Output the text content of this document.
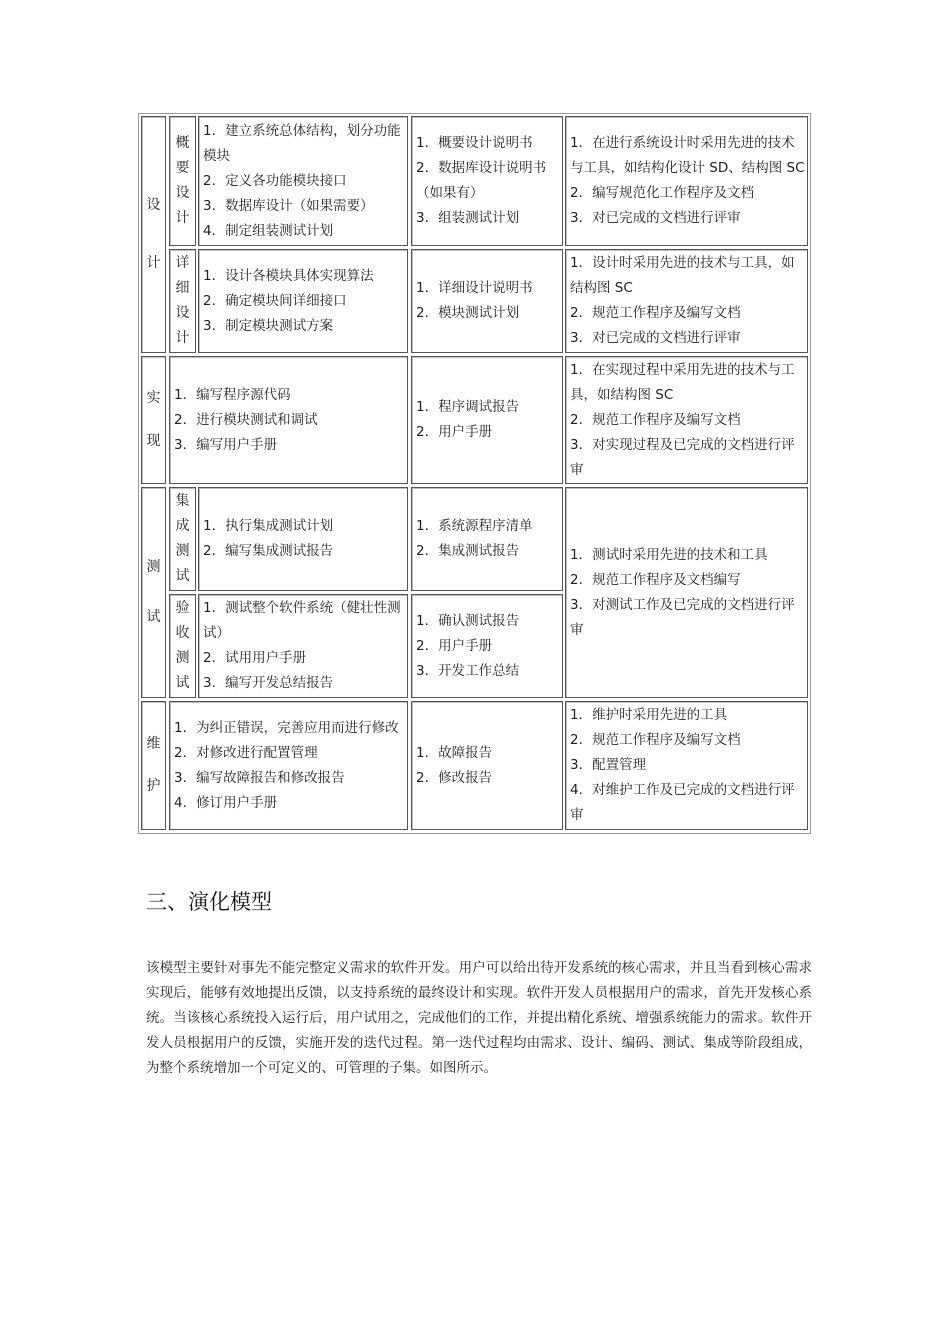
设
计
概
要
设
计
1．建立系统总体结构，划分功能模块
2．定义各功能模块接口
3．数据库设计（如果需要）
4．制定组装测试计划
1．概要设计说明书
2．数据库设计说明书（如果有）
3．组装测试计划
1．在进行系统设计时采用先进的技术与工具，如结构化设计 SD、结构图 SC
2．编写规范化工作程序及文档
3．对已完成的文档进行评审
详
细
设
计
1．设计各模块具体实现算法
2．确定模块间详细接口
3．制定模块测试方案
1．详细设计说明书
2．模块测试计划
1．设计时采用先进的技术与工具，如结构图 SC
2．规范工作程序及编写文档
3．对已完成的文档进行评审
实
现
1．编写程序源代码
2．进行模块测试和调试
3．编写用户手册
1．程序调试报告
2．用户手册
1．在实现过程中采用先进的技术与工具，如结构图 SC
2．规范工作程序及编写文档
3．对实现过程及已完成的文档进行评审
测
试
集
成
测
试
1．执行集成测试计划
2．编写集成测试报告
1．系统源程序清单
2．集成测试报告	1．测试时采用先进的技术和工具
2．规范工作程序及文档编写
3．对测试工作及已完成的文档进行评审
验
收
测
试
1．测试整个软件系统（健壮性测试）
2．试用用户手册
3．编写开发总结报告
1．确认测试报告
2．用户手册
3．开发工作总结
维
护
1．为纠正错误，完善应用而进行修改
2．对修改进行配置管理
3．编写故障报告和修改报告
4．修订用户手册
1．故障报告
2．修改报告
1．维护时采用先进的工具
2．规范工作程序及编写文档
3．配置管理
4．对维护工作及已完成的文档进行评审
三、演化模型
该模型主要针对事先不能完整定义需求的软件开发。用户可以给出待开发系统的核心需求，并且当看到核心需求实现后，能够有效地提出反馈，以支持系统的最终设计和实现。软件开发人员根据用户的需求，首先开发核心系统。当该核心系统投入运行后，用户试用之，完成他们的工作，并提出精化系统、增强系统能力的需求。软件开发人员根据用户的反馈，实施开发的迭代过程。第一迭代过程均由需求、设计、编码、测试、集成等阶段组成，为整个系统增加一个可定义的、可管理的子集。如图所示。
